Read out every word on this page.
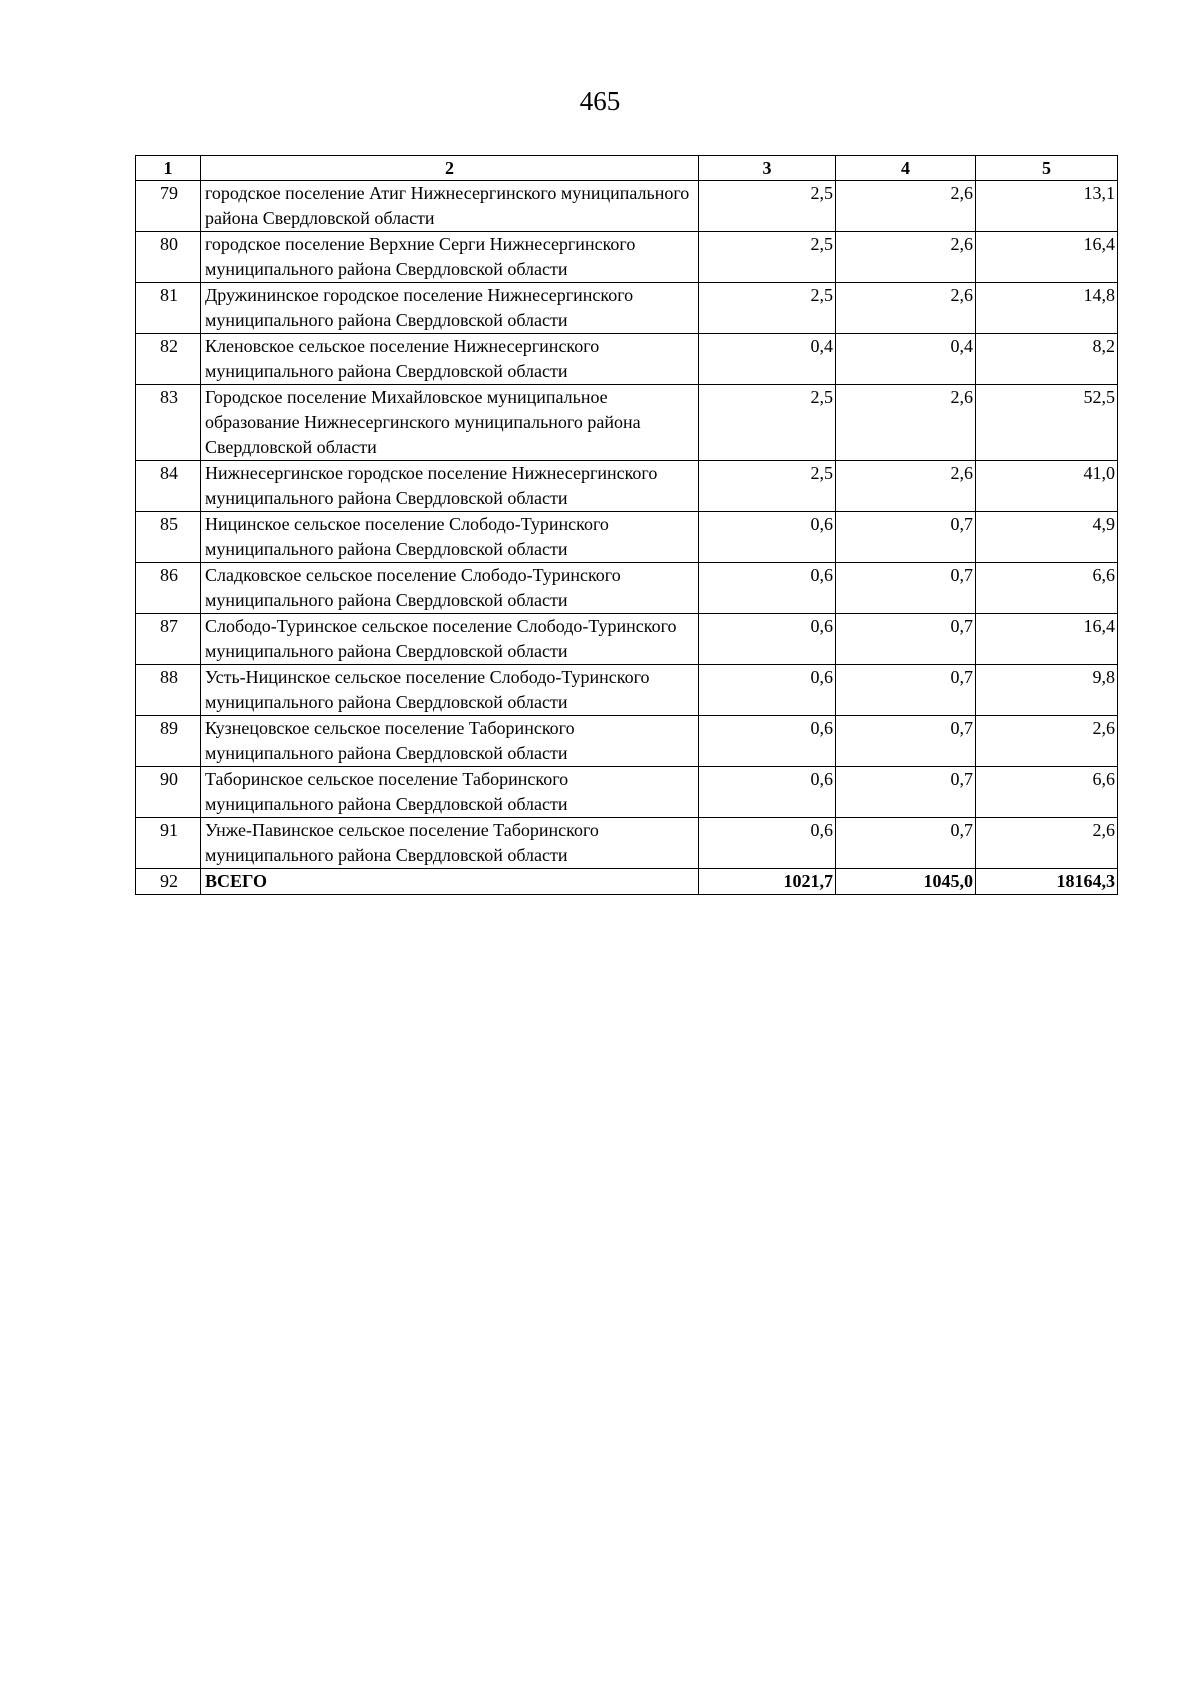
465
1	2	3	4	5
79	городское поселение Атиг Нижнесергинского муниципального района Свердловской области	2,5	2,6	13,1
80	городское поселение Верхние Серги Нижнесергинского муниципального района Свердловской области	2,5	2,6	16,4
81	Дружининское городское поселение Нижнесергинского муниципального района Свердловской области	2,5	2,6	14,8
82	Кленовское сельское поселение Нижнесергинского муниципального района Свердловской области	0,4	0,4	8,2
83	Городское поселение Михайловское муниципальное образование Нижнесергинского муниципального района Свердловской области	2,5	2,6	52,5
84	Нижнесергинское городское поселение Нижнесергинского муниципального района Свердловской области	2,5	2,6	41,0
85	Ницинское сельское поселение Слободо-Туринского муниципального района Свердловской области	0,6	0,7	4,9
86	Сладковское сельское поселение Слободо-Туринского муниципального района Свердловской области	0,6	0,7	6,6
87	Слободо-Туринское сельское поселение Слободо-Туринского муниципального района Свердловской области	0,6	0,7	16,4
88	Усть-Ницинское сельское поселение Слободо-Туринского муниципального района Свердловской области	0,6	0,7	9,8
89	Кузнецовское сельское поселение Таборинского муниципального района Свердловской области	0,6	0,7	2,6
90	Таборинское сельское поселение Таборинского муниципального района Свердловской области	0,6	0,7	6,6
91	Унже-Павинское сельское поселение Таборинского муниципального района Свердловской области	0,6	0,7	2,6
92	ВСЕГО	1021,7	1045,0	18164,3
